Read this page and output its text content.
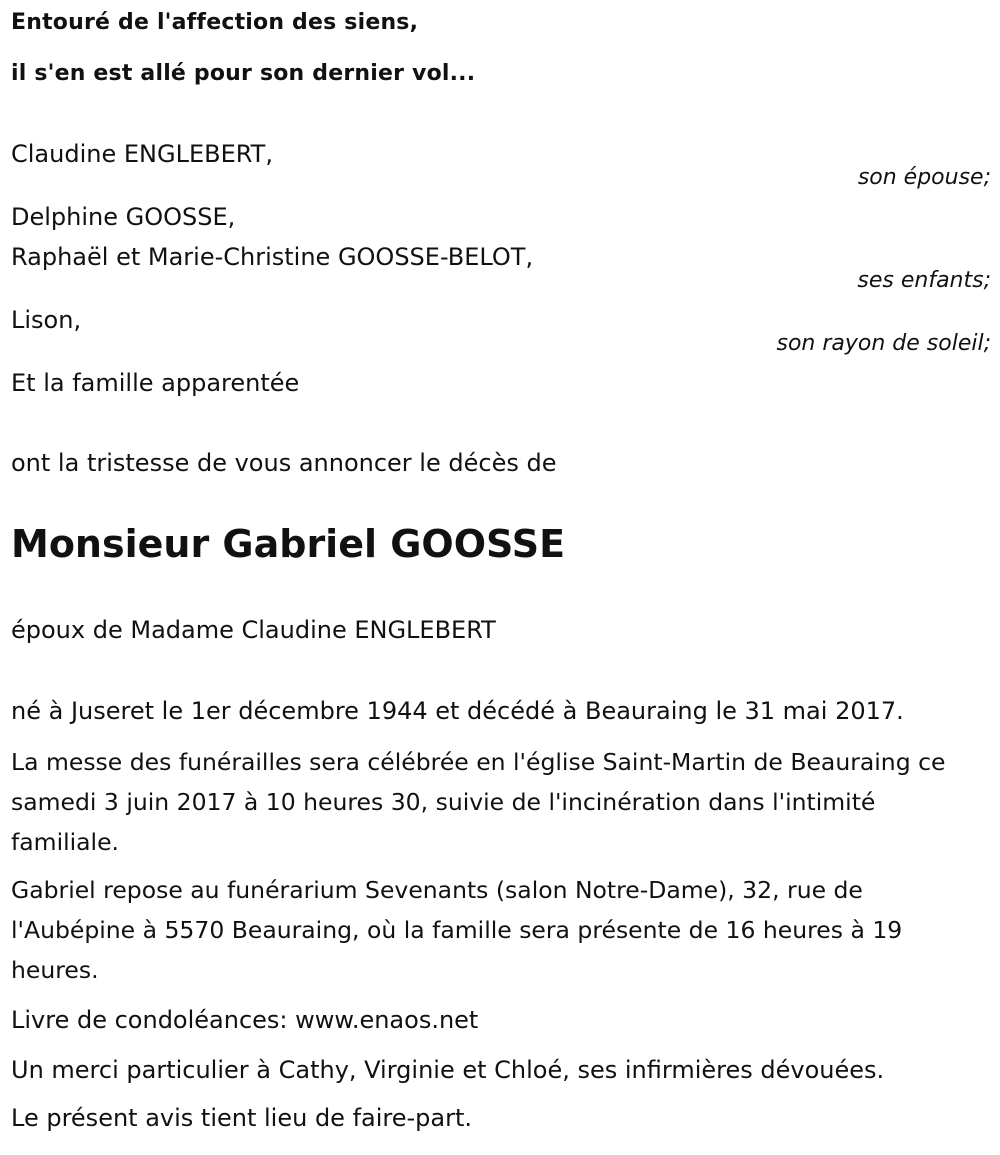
Entouré de l'affection des siens,
il s'en est allé pour son dernier vol...
Claudine ENGLEBERT,
son épouse;
Delphine GOOSSE,
Raphaël et Marie-Christine GOOSSE-BELOT,
ses enfants;
Lison,
son rayon de soleil;
Et la famille apparentée
ont la tristesse de vous annoncer le décès de
Monsieur Gabriel GOOSSE
époux de Madame Claudine ENGLEBERT
né à Juseret le 1er décembre 1944 et décédé à Beauraing le 31 mai 2017.

La messe des funérailles sera célébrée en l'église Saint-Martin de Beauraing ce samedi 3 juin 2017 à 10 heures 30, suivie de l'incinération dans l'intimité familiale.

Gabriel repose au funérarium Sevenants (salon Notre-Dame), 32, rue de l'Aubépine à 5570 Beauraing, où la famille sera présente de 16 heures à 19 heures.

Livre de condoléances: www.enaos.net
Un merci particulier à Cathy, Virginie et Chloé, ses infirmières dévouées.
Le présent avis tient lieu de faire-part.
